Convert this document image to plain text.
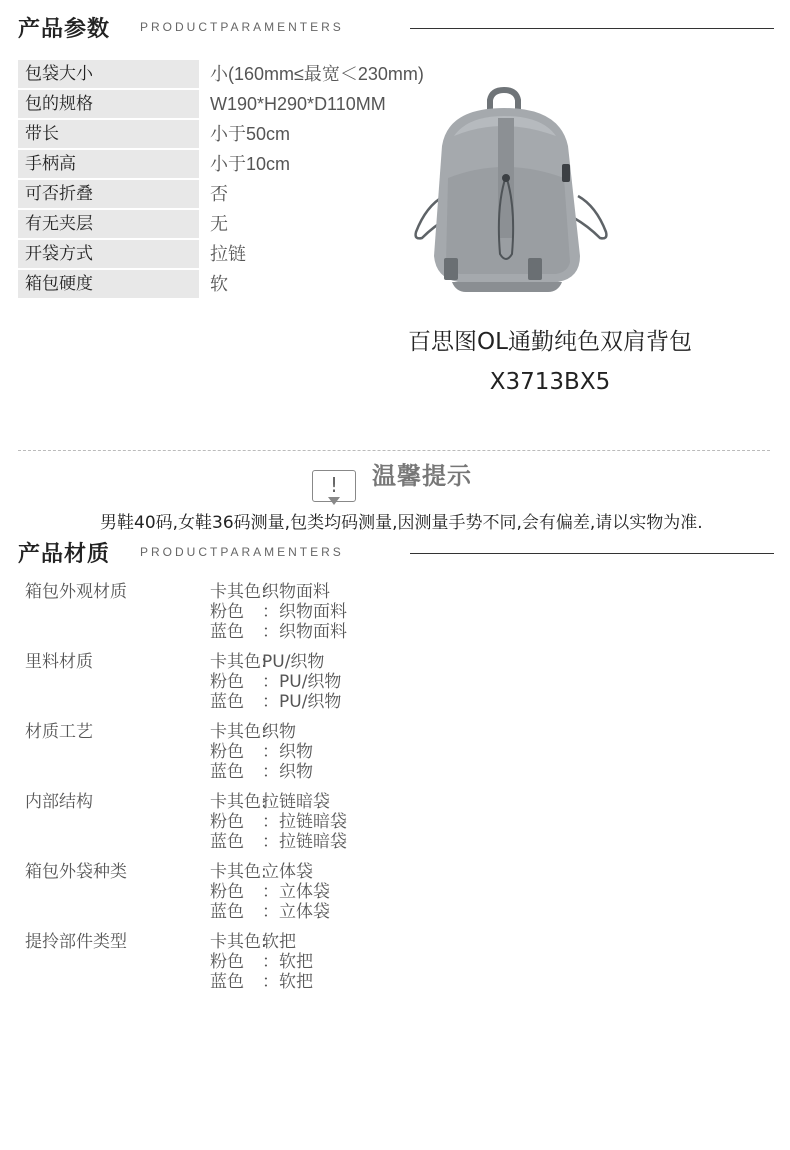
产品参数 PRODUCTPARAMENTERS
包袋大小	小(160mm≤最宽＜230mm)
包的规格	W190*H290*D110MM
带长	小于50cm
手柄高	小于10cm
可否折叠	否
有无夹层	无
开袋方式	拉链
箱包硬度	软
百思图OL通勤纯色双肩背包
X3713BX5
!	温馨提示
男鞋40码,女鞋36码测量,包类均码测量,因测量手势不同,会有偏差,请以实物为准.
产品材质 PRODUCTPARAMENTERS
箱包外观材质	卡其色:织物面料
粉色 ：织物面料
蓝色 ：织物面料
里料材质	卡其色:PU/织物
粉色 ：PU/织物
蓝色 ：PU/织物
材质工艺	卡其色:织物
粉色 ：织物
蓝色 ：织物
内部结构	卡其色:拉链暗袋
粉色 ：拉链暗袋
蓝色 ：拉链暗袋
箱包外袋种类	卡其色:立体袋
粉色 ：立体袋
蓝色 ：立体袋
提拎部件类型	卡其色:软把
粉色 ：软把
蓝色 ：软把
